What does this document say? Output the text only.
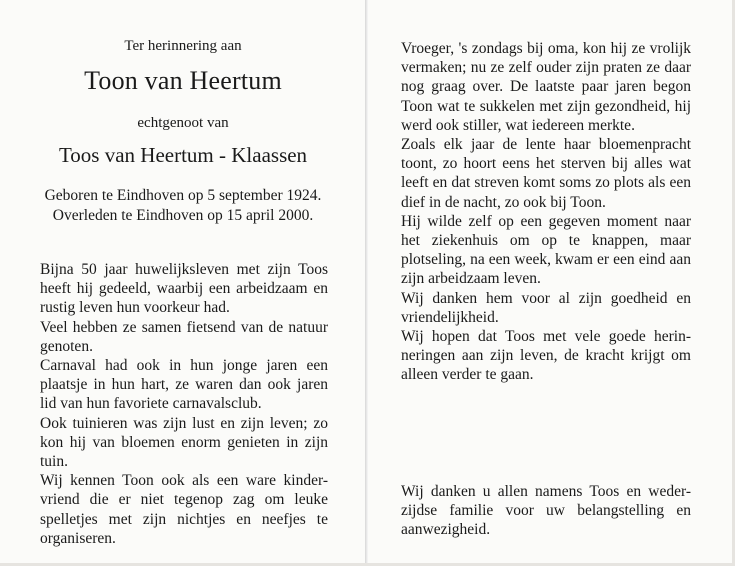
Ter herinnering aan
Toon van Heertum
echtgenoot van
Toos van Heertum - Klaassen
Geboren te Eindhoven op 5 september 1924.
Overleden te Eindhoven op 15 april 2000.

Bijna 50 jaar huwelijksleven met zijn Toos heeft hij gedeeld, waarbij een arbeidzaam en rustig leven hun voorkeur had.

Veel hebben ze samen fietsend van de natuur genoten.

Carnaval had ook in hun jonge jaren een plaatsje in hun hart, ze waren dan ook jaren lid van hun favoriete carnavalsclub.

Ook tuinieren was zijn lust en zijn leven; zo kon hij van bloemen enorm genieten in zijn tuin.

Wij kennen Toon ook als een ware kinder-vriend die er niet tegenop zag om leuke spelletjes met zijn nichtjes en neefjes te organiseren.

Vroeger, 's zondags bij oma, kon hij ze vrolijk vermaken; nu ze zelf ouder zijn praten ze daar nog graag over. De laatste paar jaren begon Toon wat te sukkelen met zijn gezondheid, hij werd ook stiller, wat iedereen merkte.

Zoals elk jaar de lente haar bloemenpracht toont, zo hoort eens het sterven bij alles wat leeft en dat streven komt soms zo plots als een dief in de nacht, zo ook bij Toon.

Hij wilde zelf op een gegeven moment naar het ziekenhuis om op te knappen, maar plotseling, na een week, kwam er een eind aan zijn arbeidzaam leven.

Wij danken hem voor al zijn goedheid en vriendelijkheid.

Wij hopen dat Toos met vele goede herin-neringen aan zijn leven, de kracht krijgt om alleen verder te gaan.

Wij danken u allen namens Toos en weder-zijdse familie voor uw belangstelling en aanwezigheid.
